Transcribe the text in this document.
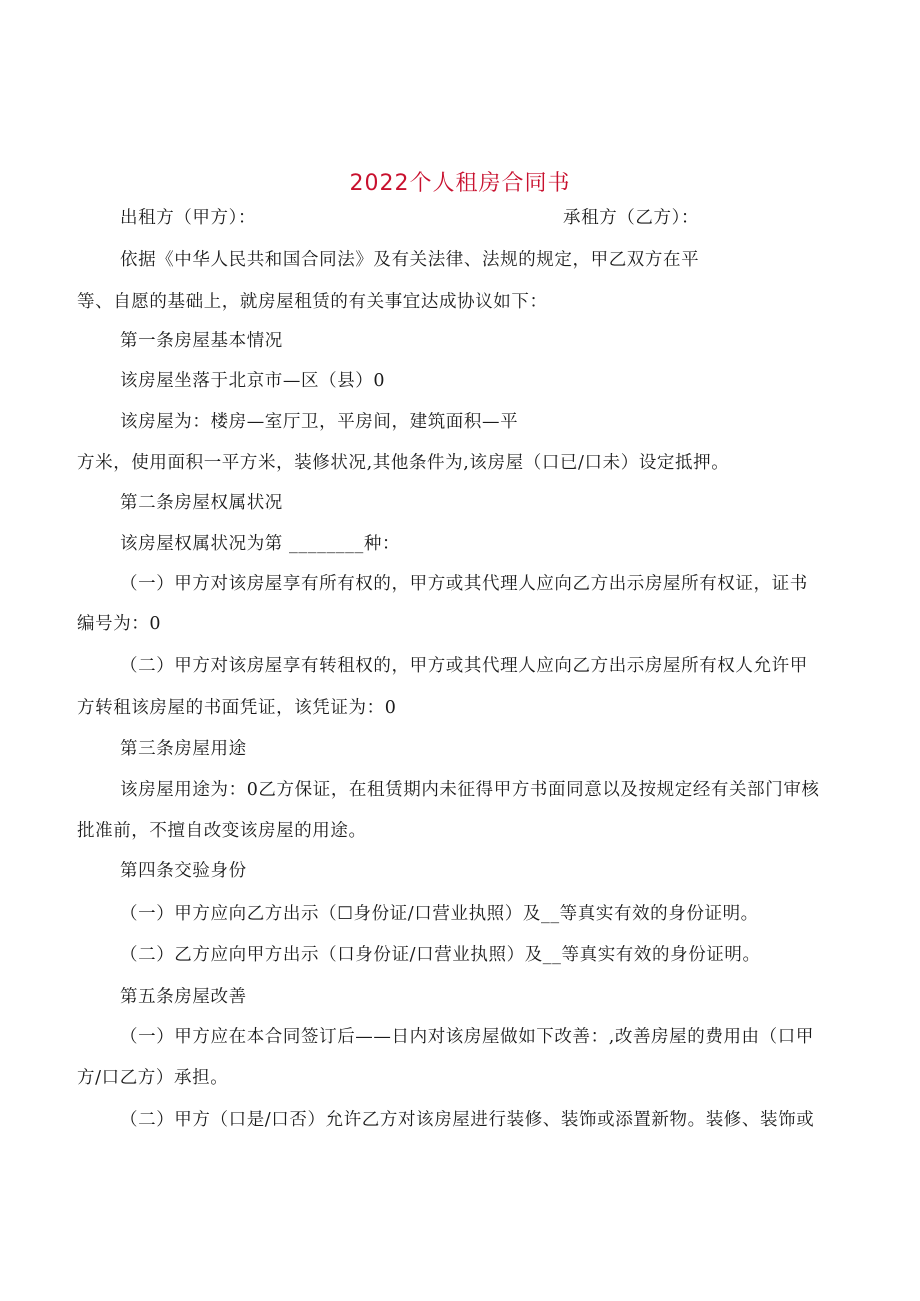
2022个人租房合同书
出租方（甲方）：	承租方（乙方）：
依据《中华人民共和国合同法》及有关法律、法规的规定，甲乙双方在平
等、自愿的基础上，就房屋租赁的有关事宜达成协议如下：
第一条房屋基本情况
该房屋坐落于北京市—区（县）0
该房屋为：楼房—室厅卫，平房间，建筑面积—平
方米，使用面积一平方米，装修状况,其他条件为,该房屋（口已/口未）设定抵押。
第二条房屋权属状况
该房屋权属状况为第 ________种：
（一）甲方对该房屋享有所有权的，甲方或其代理人应向乙方出示房屋所有权证，证书
编号为：0
（二）甲方对该房屋享有转租权的，甲方或其代理人应向乙方出示房屋所有权人允许甲
方转租该房屋的书面凭证，该凭证为：0
第三条房屋用途
该房屋用途为：0乙方保证，在租赁期内未征得甲方书面同意以及按规定经有关部门审核
批准前，不擅自改变该房屋的用途。
第四条交验身份
（一）甲方应向乙方出示（☐身份证/口营业执照）及__等真实有效的身份证明。
（二）乙方应向甲方出示（口身份证/口营业执照）及__等真实有效的身份证明。
第五条房屋改善
（一）甲方应在本合同签订后——日内对该房屋做如下改善：,改善房屋的费用由（口甲
方/口乙方）承担。
（二）甲方（口是/口否）允许乙方对该房屋进行装修、装饰或添置新物。装修、装饰或
